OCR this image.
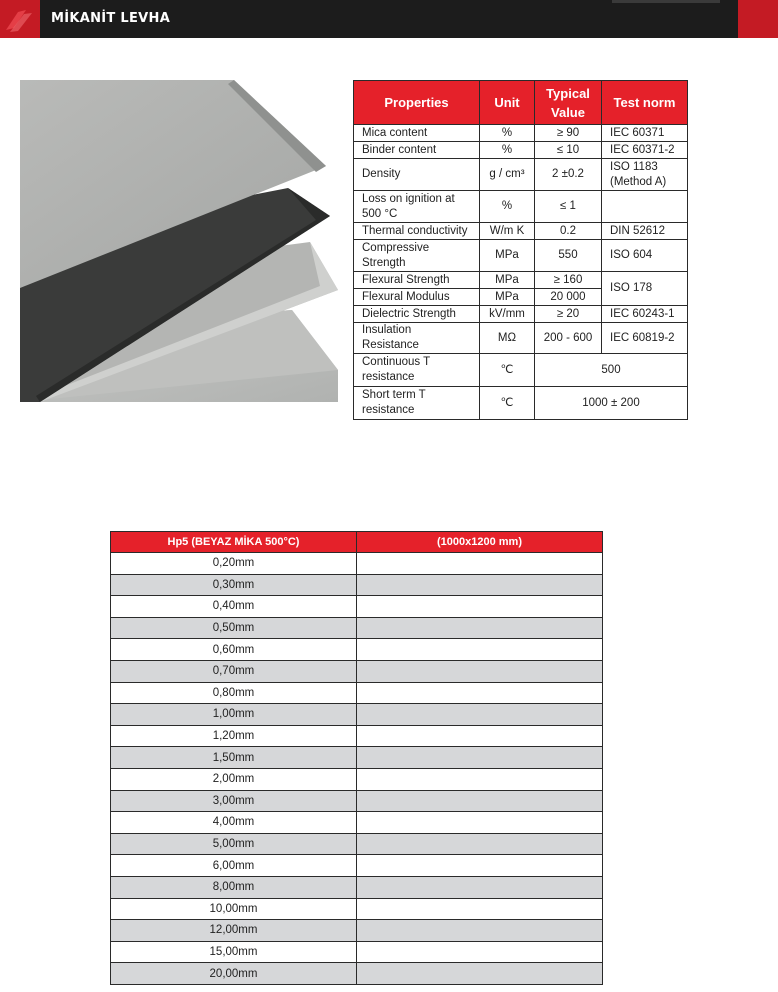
MİKANİT LEVHA
Properties	Unit	Typical Value	Test norm
Mica content	%	≥ 90	IEC 60371
Binder content	%	≤ 10	IEC 60371-2
Density	g / cm³	2 ±0.2	ISO 1183 (Method A)
Loss on ignition at 500 °C	%	≤ 1	
Thermal conductivity	W/m K	0.2	DIN 52612
Compressive Strength	MPa	550	ISO 604
Flexural Strength	MPa	≥ 160	ISO 178
Flexural Modulus	MPa	20 000	
Dielectric Strength	kV/mm	≥ 20	IEC 60243-1
Insulation Resistance	MΩ	200 - 600	IEC 60819-2
Continuous T resistance	℃	500	
Short term T resistance	℃	1000 ± 200	
Hp5 (BEYAZ MİKA 500°C)	(1000x1200 mm)
0,20mm	
0,30mm	
0,40mm	
0,50mm	
0,60mm	
0,70mm	
0,80mm	
1,00mm	
1,20mm	
1,50mm	
2,00mm	
3,00mm	
4,00mm	
5,00mm	
6,00mm	
8,00mm	
10,00mm	
12,00mm	
15,00mm	
20,00mm	
